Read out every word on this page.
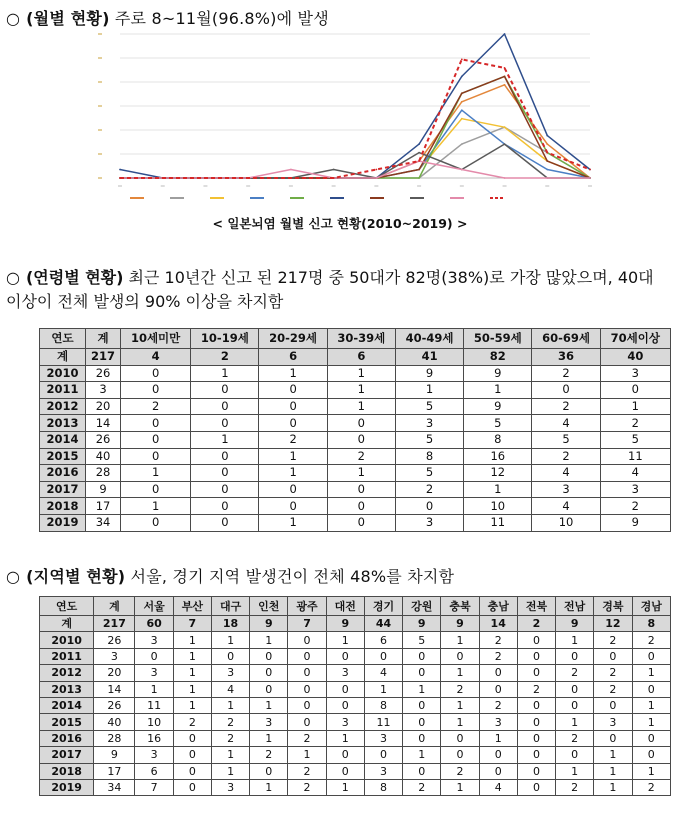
○ (월별 현황) 주로 8~11월(96.8%)에 발생
< 일본뇌염 월별 신고 현황(2010~2019) >
○ (연령별 현황) 최근 10년간 신고 된 217명 중 50대가 82명(38%)로 가장 많았으며, 40대 이상이 전체 발생의 90% 이상을 차지함
연도	계	10세미만	10-19세	20-29세	30-39세	40-49세	50-59세	60-69세	70세이상
계	217	4	2	6	6	41	82	36	40
2010	26	0	1	1	1	9	9	2	3
2011	3	0	0	0	1	1	1	0	0
2012	20	2	0	0	1	5	9	2	1
2013	14	0	0	0	0	3	5	4	2
2014	26	0	1	2	0	5	8	5	5
2015	40	0	0	1	2	8	16	2	11
2016	28	1	0	1	1	5	12	4	4
2017	9	0	0	0	0	2	1	3	3
2018	17	1	0	0	0	0	10	4	2
2019	34	0	0	1	0	3	11	10	9
○ (지역별 현황) 서울, 경기 지역 발생건이 전체 48%를 차지함
연도	계	서울	부산	대구	인천	광주	대전	경기	강원	충북	충남	전북	전남	경북	경남
계	217	60	7	18	9	7	9	44	9	9	14	2	9	12	8
2010	26	3	1	1	1	0	1	6	5	1	2	0	1	2	2
2011	3	0	1	0	0	0	0	0	0	0	2	0	0	0	0
2012	20	3	1	3	0	0	3	4	0	1	0	0	2	2	1
2013	14	1	1	4	0	0	0	1	1	2	0	2	0	2	0
2014	26	11	1	1	1	0	0	8	0	1	2	0	0	0	1
2015	40	10	2	2	3	0	3	11	0	1	3	0	1	3	1
2016	28	16	0	2	1	2	1	3	0	0	1	0	2	0	0
2017	9	3	0	1	2	1	0	0	1	0	0	0	0	1	0
2018	17	6	0	1	0	2	0	3	0	2	0	0	1	1	1
2019	34	7	0	3	1	2	1	8	2	1	4	0	2	1	2
